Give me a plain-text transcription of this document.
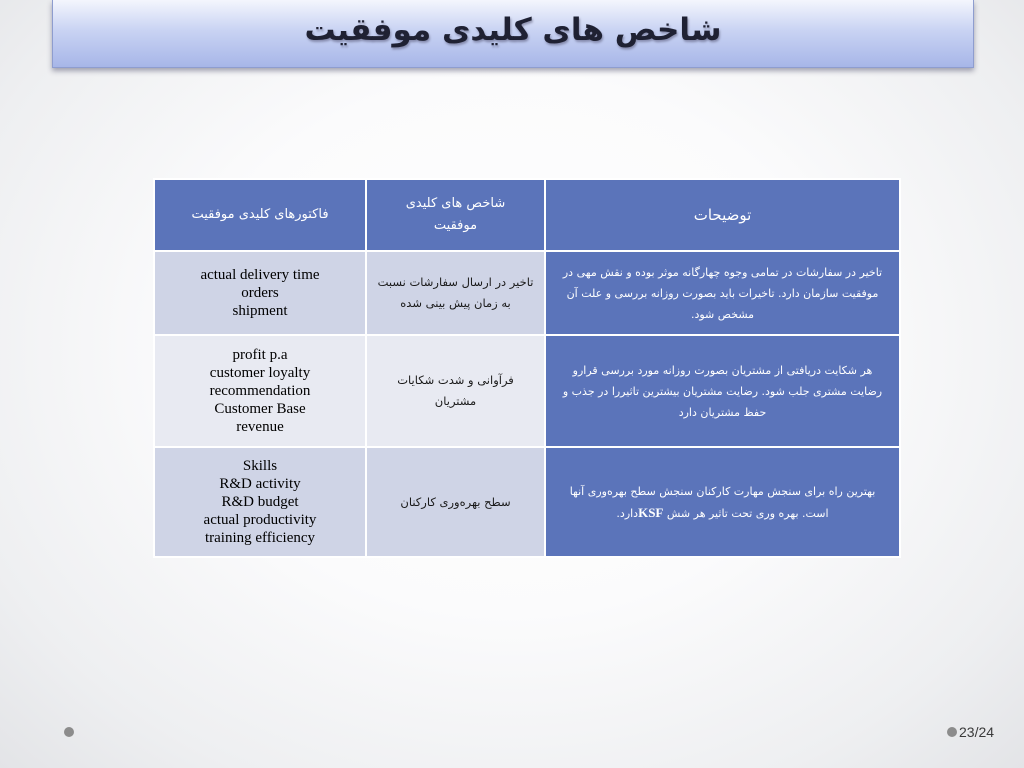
شاخص های کلیدی موفقیت
فاکتورهای کلیدی موفقیت	شاخص های کلیدی
موفقیت	توضیحات

actual delivery time
orders
shipment	تاخیر در ارسال سفارشات نسبت
به زمان پیش بینی شده	تاخیر در سفارشات در تمامی وجوه چهارگانه موثر بوده و نقش مهی در
موفقیت سازمان دارد. تاخیرات باید بصورت روزانه بررسی و علت آن
مشخص شود.

profit p.a
customer loyalty
recommendation
Customer Base
revenue	فرآوانی و شدت شکایات مشتریان	هر شکایت دریافتی از مشتریان بصورت روزانه مورد بررسی قرارو
رضایت مشتری جلب شود. رضایت مشتریان بیشترین تاثیررا در جذب و
حفظ مشتریان دارد

Skills
R&D activity
R&D budget
actual productivity
training efficiency	سطح بهره‌وری کارکنان	بهترین راه برای سنجش مهارت کارکنان سنجش سطح بهره‌وری آنها
است. بهره وری تحت تاثیر هر شش KSFدارد.
23/24
